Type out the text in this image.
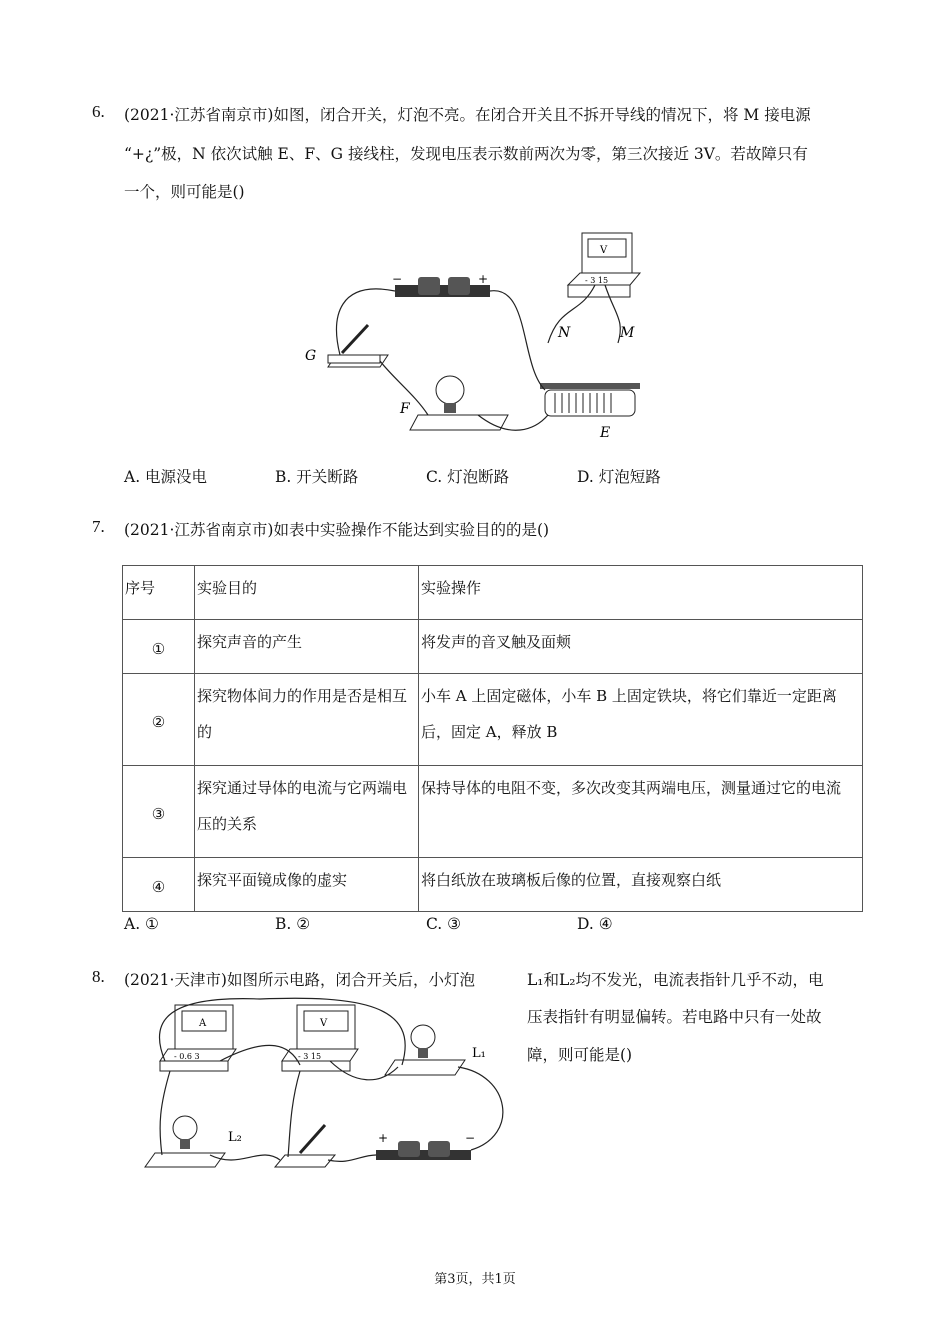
6. (2021·江苏省南京市)如图，闭合开关，灯泡不亮。在闭合开关且不拆开导线的情况下，将 M 接电源
“+¿”极，N 依次试触 E、F、G 接线柱，发现电压表示数前两次为零，第三次接近 3V。若故障只有
一个，则可能是()
−	+
V
- 3 15
N	M
G
F
E
A. 电源没电	B. 开关断路	C. 灯泡断路	D. 灯泡短路
7. (2021·江苏省南京市)如表中实验操作不能达到实验目的的是()
序号	实验目的	实验操作
①	探究声音的产生	将发声的音叉触及面颊
②	探究物体间力的作用是否是相互的	小车 A 上固定磁体，小车 B 上固定铁块，将它们靠近一定距离后，固定 A，释放 B
③	探究通过导体的电流与它两端电压的关系	保持导体的电阻不变，多次改变其两端电压，测量通过它的电流
④	探究平面镜成像的虚实	将白纸放在玻璃板后像的位置，直接观察白纸
A. ①	B. ②	C. ③	D. ④
8. (2021·天津市)如图所示电路，闭合开关后，小灯泡	L₁和L₂均不发光，电流表指针几乎不动，电
压表指针有明显偏转。若电路中只有一处故
障，则可能是()
A
- 0.6 3
V
- 3 15	L₁
L₂	+	−
第3页，共1页
